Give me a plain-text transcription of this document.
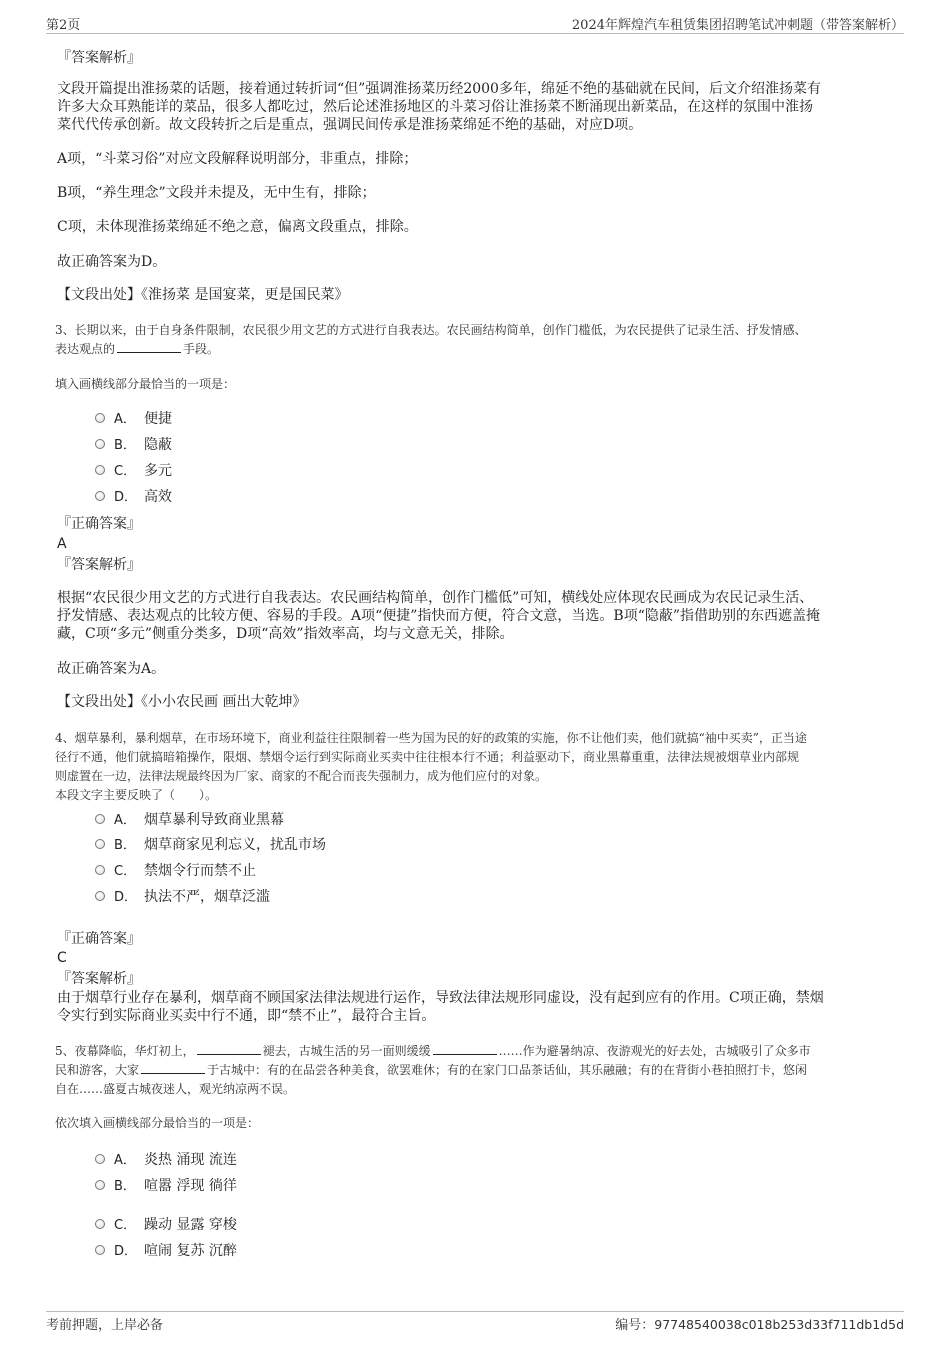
第2页	2024年辉煌汽车租赁集团招聘笔试冲刺题（带答案解析）
『答案解析』
文段开篇提出淮扬菜的话题，接着通过转折词“但”强调淮扬菜历经2000多年，绵延不绝的基础就在民间，后文介绍淮扬菜有
许多大众耳熟能详的菜品，很多人都吃过，然后论述淮扬地区的斗菜习俗让淮扬菜不断涌现出新菜品，在这样的氛围中淮扬
菜代代传承创新。故文段转折之后是重点，强调民间传承是淮扬菜绵延不绝的基础，对应D项。
A项，“斗菜习俗”对应文段解释说明部分，非重点，排除；
B项，“养生理念”文段并未提及，无中生有，排除；
C项，未体现淮扬菜绵延不绝之意，偏离文段重点，排除。
故正确答案为D。
【文段出处】《淮扬菜 是国宴菜，更是国民菜》
3、长期以来，由于自身条件限制，农民很少用文艺的方式进行自我表达。农民画结构简单，创作门槛低，为农民提供了记录生活、抒发情感、
表达观点的	手段。
填入画横线部分最恰当的一项是：
A． 便捷
B． 隐蔽
C． 多元
D． 高效
『正确答案』
A
『答案解析』
根据“农民很少用文艺的方式进行自我表达。农民画结构简单，创作门槛低”可知，横线处应体现农民画成为农民记录生活、
抒发情感、表达观点的比较方便、容易的手段。A项“便捷”指快而方便，符合文意，当选。B项“隐蔽”指借助别的东西遮盖掩
藏，C项“多元”侧重分类多，D项“高效”指效率高，均与文意无关，排除。
故正确答案为A。
【文段出处】《小小农民画 画出大乾坤》
4、烟草暴利，暴利烟草，在市场环境下，商业利益往往限制着一些为国为民的好的政策的实施，你不让他们卖，他们就搞“袖中买卖”，正当途
径行不通，他们就搞暗箱操作，限烟、禁烟令运行到实际商业买卖中往往根本行不通；利益驱动下，商业黑幕重重，法律法规被烟草业内部规
则虚置在一边，法律法规最终因为厂家、商家的不配合而丧失强制力，成为他们应付的对象。
本段文字主要反映了（　　）。
A． 烟草暴利导致商业黑幕
B． 烟草商家见利忘义，扰乱市场
C． 禁烟令行而禁不止
D． 执法不严，烟草泛滥
『正确答案』
C
『答案解析』
由于烟草行业存在暴利，烟草商不顾国家法律法规进行运作，导致法律法规形同虚设，没有起到应有的作用。C项正确，禁烟
令实行到实际商业买卖中行不通，即“禁不止”，最符合主旨。
5、夜幕降临，华灯初上，	褪去，古城生活的另一面则缓缓	……作为避暑纳凉、夜游观光的好去处，古城吸引了众多市
民和游客，大家	于古城中：有的在品尝各种美食，欲罢难休；有的在家门口品茶话仙，其乐融融；有的在背街小巷拍照打卡，悠闲
自在……盛夏古城夜迷人，观光纳凉两不误。
依次填入画横线部分最恰当的一项是：
A． 炎热 涌现 流连
B． 喧嚣 浮现 徜徉
C． 躁动 显露 穿梭
D． 喧闹 复苏 沉醉
考前押题，上岸必备	编号：97748540038c018b253d33f711db1d5d
